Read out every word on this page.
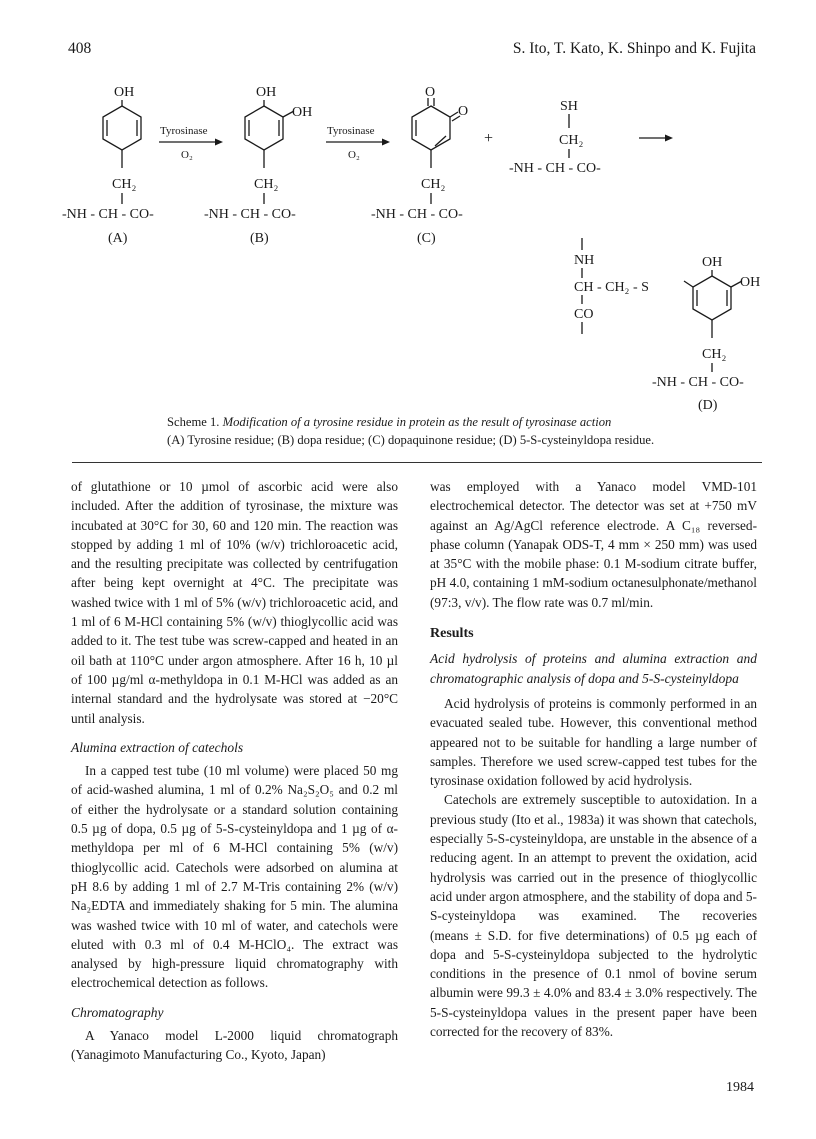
408	S. Ito, T. Kato, K. Shinpo and K. Fujita
OH
CH₂
-NH - CH - CO-
(A)
Tyrosinase
O₂
OH
OH
CH₂
-NH - CH - CO-
(B)
Tyrosinase
O₂
O
O
CH₂
-NH - CH - CO-
(C)
+
SH
CH₂
-NH - CH - CO-
NH
CH - CH₂ - S
CO
OH
OH
CH₂
-NH - CH - CO-
(D)
Scheme 1. Modification of a tyrosine residue in protein as the result of tyrosinase action
(A) Tyrosine residue; (B) dopa residue; (C) dopaquinone residue; (D) 5-S-cysteinyldopa residue.

of glutathione or 10 µmol of ascorbic acid were also included. After the addition of tyrosinase, the mixture was incubated at 30°C for 30, 60 and 120 min. The reaction was stopped by adding 1 ml of 10% (w/v) trichloroacetic acid, and the resulting precipitate was collected by centrifugation after being kept overnight at 4°C. The precipitate was washed twice with 1 ml of 5% (w/v) trichloroacetic acid, and 1 ml of 6 M-HCl containing 5% (w/v) thioglycollic acid was added to it. The test tube was screw-capped and heated in an oil bath at 110°C under argon atmosphere. After 16 h, 10 µl of 100 µg/ml α-methyldopa in 0.1 M-HCl was added as an internal standard and the hydrolysate was stored at −20°C until analysis.

Alumina extraction of catechols

In a capped test tube (10 ml volume) were placed 50 mg of acid-washed alumina, 1 ml of 0.2% Na₂S₂O₅ and 0.2 ml of either the hydrolysate or a standard solution containing 0.5 µg of dopa, 0.5 µg of 5-S-cysteinyldopa and 1 µg of α-methyldopa per ml of 6 M-HCl containing 5% (w/v) thioglycollic acid. Catechols were adsorbed on alumina at pH 8.6 by adding 1 ml of 2.7 M-Tris containing 2% (w/v) Na₂EDTA and immediately shaking for 5 min. The alumina was washed twice with 10 ml of water, and catechols were eluted with 0.3 ml of 0.4 M-HClO₄. The extract was analysed by high-pressure liquid chromatography with electrochemical detection as follows.

Chromatography

A Yanaco model L-2000 liquid chromatograph (Yanagimoto Manufacturing Co., Kyoto, Japan)

was employed with a Yanaco model VMD-101 electrochemical detector. The detector was set at +750 mV against an Ag/AgCl reference electrode. A C₁₈ reversed-phase column (Yanapak ODS-T, 4 mm × 250 mm) was used at 35°C with the mobile phase: 0.1 M-sodium citrate buffer, pH 4.0, containing 1 mM-sodium octanesulphonate/methanol (97:3, v/v). The flow rate was 0.7 ml/min.

Results
Acid hydrolysis of proteins and alumina extraction and chromatographic analysis of dopa and 5-S-cysteinyldopa

Acid hydrolysis of proteins is commonly performed in an evacuated sealed tube. However, this conventional method appeared not to be suitable for handling a large number of samples. Therefore we used screw-capped test tubes for the tyrosinase oxidation followed by acid hydrolysis.

Catechols are extremely susceptible to autoxidation. In a previous study (Ito et al., 1983a) it was shown that catechols, especially 5-S-cysteinyldopa, are unstable in the absence of a reducing agent. In an attempt to prevent the oxidation, acid hydrolysis was carried out in the presence of thioglycollic acid under argon atmosphere, and the stability of dopa and 5-S-cysteinyldopa was examined. The recoveries (means ± S.D. for five determinations) of 0.5 µg each of dopa and 5-S-cysteinyldopa subjected to the hydrolytic conditions in the presence of 0.1 nmol of bovine serum albumin were 99.3 ± 4.0% and 83.4 ± 3.0% respectively. The 5-S-cysteinyldopa values in the present paper have been corrected for the recovery of 83%.

1984
